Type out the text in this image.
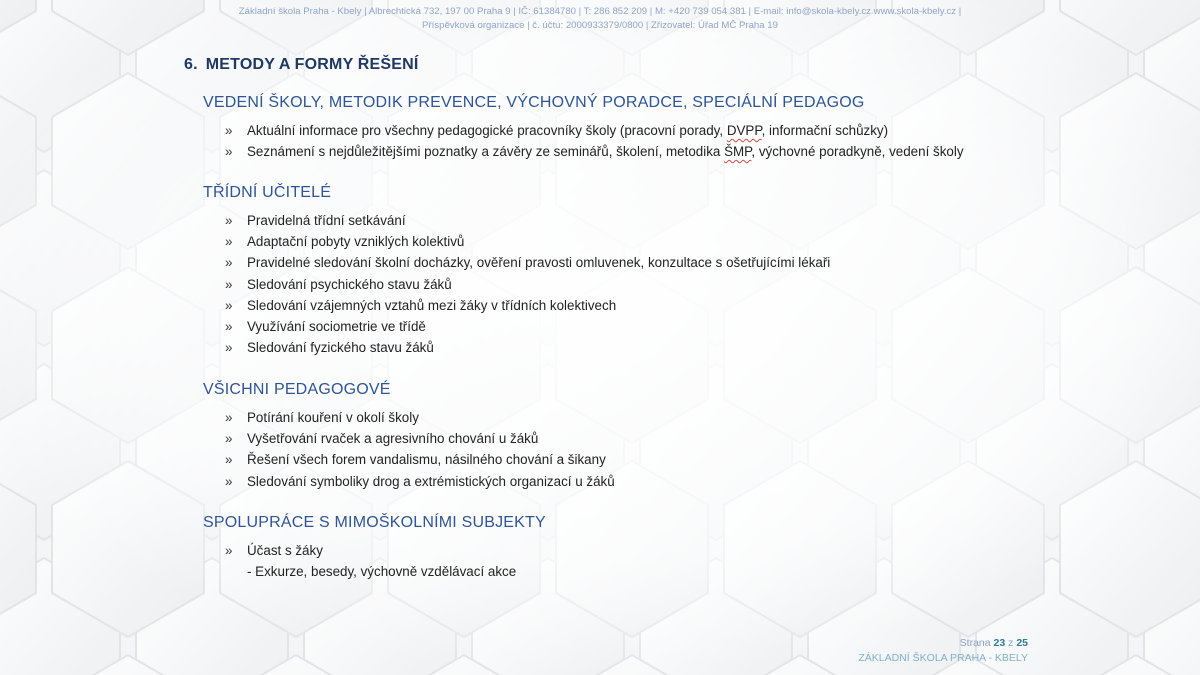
Základní škola Praha - Kbely | Albrechtická 732, 197 00 Praha 9 | IČ: 61384780 | T: 286 852 209 | M: +420 739 054 381 | E-mail: info@skola-kbely.cz www.skola-kbely.cz |
Příspěvková organizace | č. účtu: 2000933379/0800 | Zřizovatel: Úřad MČ Praha 19
6. METODY A FORMY ŘEŠENÍ
VEDENÍ ŠKOLY, METODIK PREVENCE, VÝCHOVNÝ PORADCE, SPECIÁLNÍ PEDAGOG
» Aktuální informace pro všechny pedagogické pracovníky školy (pracovní porady, DVPP, informační schůzky)
» Seznámení s nejdůležitějšími poznatky a závěry ze seminářů, školení, metodika ŠMP, výchovné poradkyně, vedení školy
TŘÍDNÍ UČITELÉ
» Pravidelná třídní setkávání
» Adaptační pobyty vzniklých kolektivů
» Pravidelné sledování školní docházky, ověření pravosti omluvenek, konzultace s ošetřujícími lékaři
» Sledování psychického stavu žáků
» Sledování vzájemných vztahů mezi žáky v třídních kolektivech
» Využívání sociometrie ve třídě
» Sledování fyzického stavu žáků
VŠICHNI PEDAGOGOVÉ
» Potírání kouření v okolí školy
» Vyšetřování rvaček a agresivního chování u žáků
» Řešení všech forem vandalismu, násilného chování a šikany
» Sledování symboliky drog a extrémistických organizací u žáků
SPOLUPRÁCE S MIMOŠKOLNÍMI SUBJEKTY
» Účast s žáky
- Exkurze, besedy, výchovně vzdělávací akce
Strana 23 z 25
ZÁKLADNÍ ŠKOLA PRAHA - KBELY
